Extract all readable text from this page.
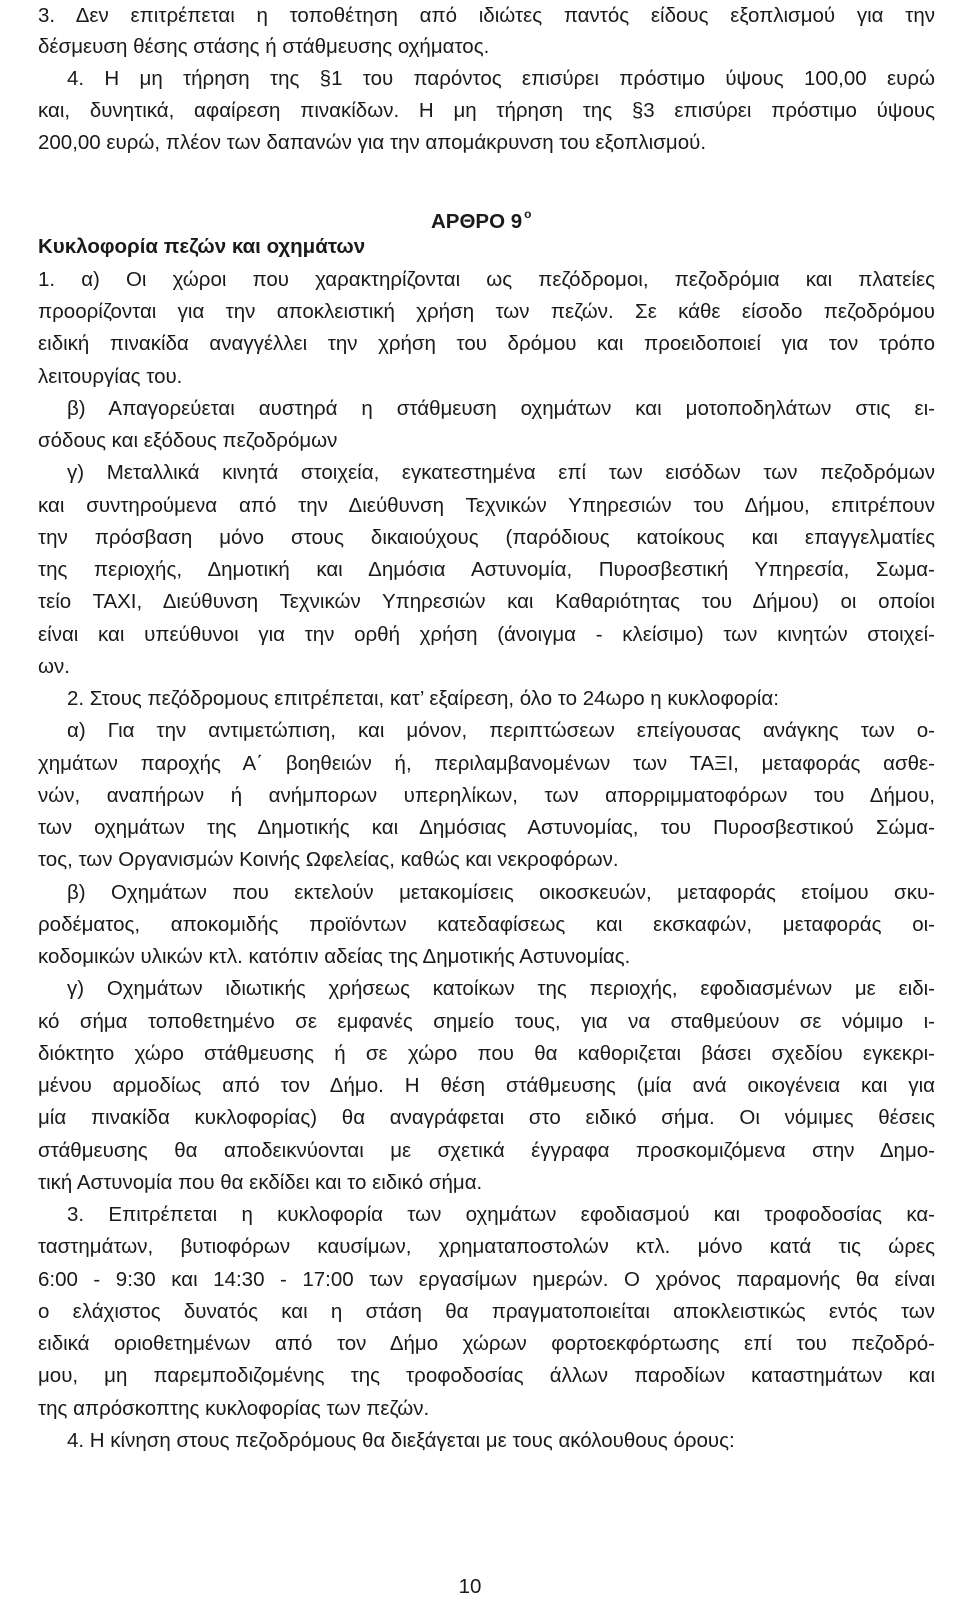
3. Δεν επιτρέπεται η τοποθέτηση από ιδιώτες παντός είδους εξοπλισμού για την
δέσμευση θέσης στάσης ή στάθμευσης οχήματος.
4. Η μη τήρηση της §1 του παρόντος επισύρει πρόστιμο ύψους 100,00 ευρώ
και, δυνητικά, αφαίρεση πινακίδων. Η μη τήρηση της §3 επισύρει πρόστιμο ύψους
200,00 ευρώ, πλέον των δαπανών για την απομάκρυνση του εξοπλισμού.
ΑΡΘΡΟ 9 $^o$
Κυκλοφορία πεζών και οχημάτων
1. α) Οι χώροι που χαρακτηρίζονται ως πεζόδρομοι, πεζοδρόμια και πλατείες
προορίζονται για την αποκλειστική χρήση των πεζών. Σε κάθε είσοδο πεζοδρόμου
ειδική πινακίδα αναγγέλλει την χρήση του δρόμου και προειδοποιεί για τον τρόπο
λειτουργίας του.
β) Απαγορεύεται αυστηρά η στάθμευση οχημάτων και μοτοποδηλάτων στις ει-
σόδους και εξόδους πεζοδρόμων
γ) Μεταλλικά κινητά στοιχεία, εγκατεστημένα επί των εισόδων των πεζοδρόμων
και συντηρούμενα από την Διεύθυνση Τεχνικών Υπηρεσιών του Δήμου, επιτρέπουν
την πρόσβαση μόνο στους δικαιούχους (παρόδιους κατοίκους και επαγγελματίες
της περιοχής, Δημοτική και Δημόσια Αστυνομία, Πυροσβεστική Υπηρεσία, Σωμα-
τείο ΤΑΧΙ, Διεύθυνση Τεχνικών Υπηρεσιών και Καθαριότητας του Δήμου) οι οποίοι
είναι και υπεύθυνοι για την ορθή χρήση (άνοιγμα - κλείσιμο) των κινητών στοιχεί-
ων.
2. Στους πεζόδρομους επιτρέπεται, κατ’ εξαίρεση, όλο το 24ωρο η κυκλοφορία:
α) Για την αντιμετώπιση, και μόνον, περιπτώσεων επείγουσας ανάγκης των ο-
χημάτων παροχής Α΄ βοηθειών ή, περιλαμβανομένων των ΤΑΞΙ, μεταφοράς ασθε-
νών, αναπήρων ή ανήμπορων υπερηλίκων, των απορριμματοφόρων του Δήμου,
των οχημάτων της Δημοτικής και Δημόσιας Αστυνομίας, του Πυροσβεστικού Σώμα-
τος, των Οργανισμών Κοινής Ωφελείας, καθώς και νεκροφόρων.
β) Οχημάτων που εκτελούν μετακομίσεις οικοσκευών, μεταφοράς ετοίμου σκυ-
ροδέματος, αποκομιδής προϊόντων κατεδαφίσεως και εκσκαφών, μεταφοράς οι-
κοδομικών υλικών κτλ. κατόπιν αδείας της Δημοτικής Αστυνομίας.
γ) Οχημάτων ιδιωτικής χρήσεως κατοίκων της περιοχής, εφοδιασμένων με ειδι-
κό σήμα τοποθετημένο σε εμφανές σημείο τους, για να σταθμεύουν σε νόμιμο ι-
διόκτητο χώρο στάθμευσης ή σε χώρο που θα καθοριζεται βάσει σχεδίου εγκεκρι-
μένου αρμοδίως από τον Δήμο. Η θέση στάθμευσης (μία ανά οικογένεια και για
μία πινακίδα κυκλοφορίας) θα αναγράφεται στο ειδικό σήμα. Οι νόμιμες θέσεις
στάθμευσης θα αποδεικνύονται με σχετικά έγγραφα προσκομιζόμενα στην Δημο-
τική Αστυνομία που θα εκδίδει και το ειδικό σήμα.
3. Επιτρέπεται η κυκλοφορία των οχημάτων εφοδιασμού και τροφοδοσίας κα-
ταστημάτων, βυτιοφόρων καυσίμων, χρηματαποστολών κτλ. μόνο κατά τις ώρες
6:00 - 9:30 και 14:30 - 17:00 των εργασίμων ημερών. Ο χρόνος παραμονής θα είναι
ο ελάχιστος δυνατός και η στάση θα πραγματοποιείται αποκλειστικώς εντός των
ειδικά οριοθετημένων από τον Δήμο χώρων φορτοεκφόρτωσης επί του πεζοδρό-
μου, μη παρεμποδιζομένης της τροφοδοσίας άλλων παροδίων καταστημάτων και
της απρόσκοπτης κυκλοφορίας των πεζών.
4. Η κίνηση στους πεζοδρόμους θα διεξάγεται με τους ακόλουθους όρους:
10
